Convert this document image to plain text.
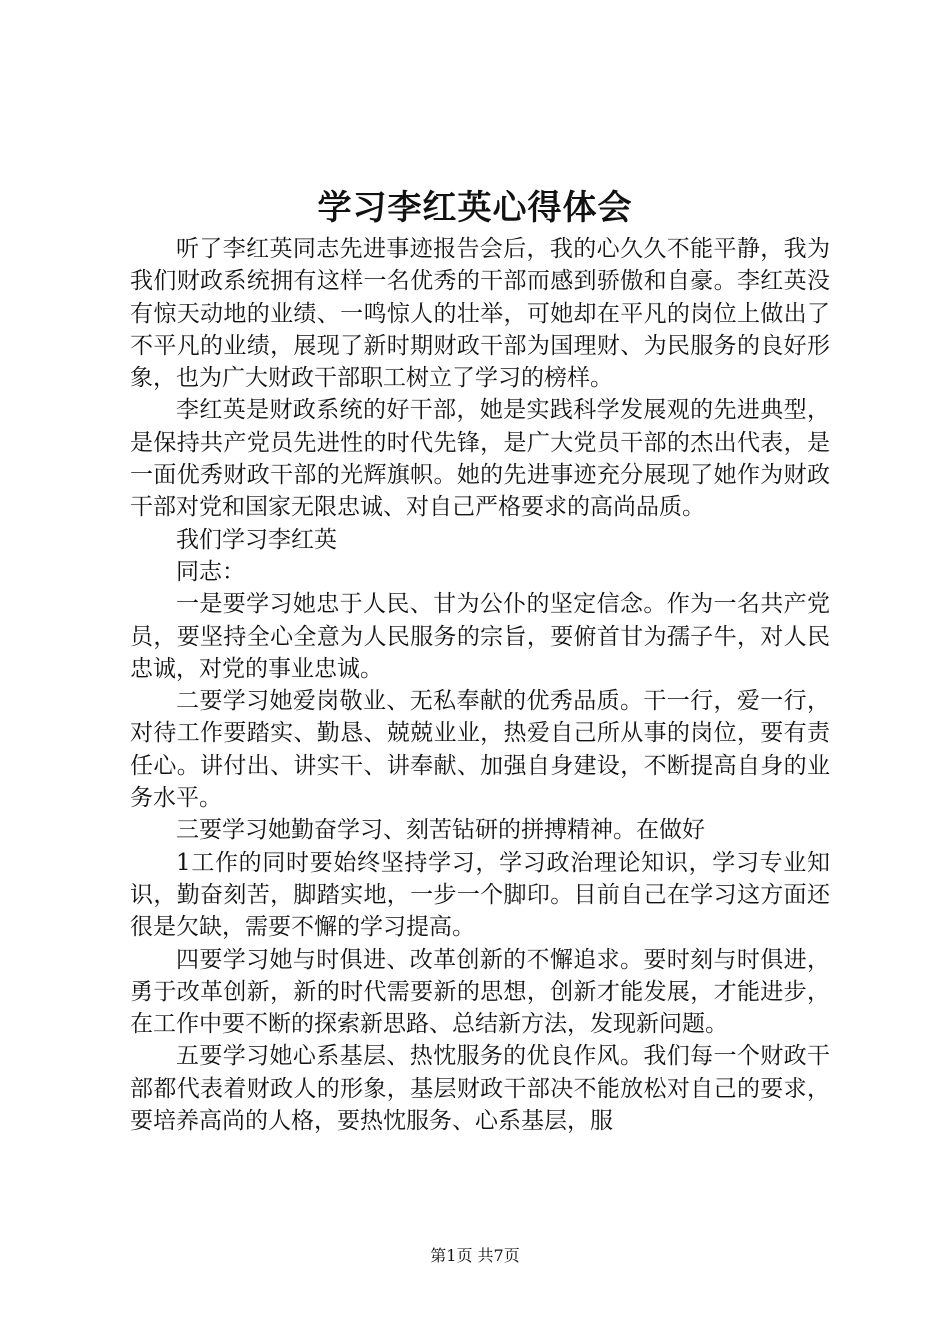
学习李红英心得体会

听了李红英同志先进事迹报告会后，我的心久久不能平静，我为我们财政系统拥有这样一名优秀的干部而感到骄傲和自豪。李红英没有惊天动地的业绩、一鸣惊人的壮举，可她却在平凡的岗位上做出了不平凡的业绩，展现了新时期财政干部为国理财、为民服务的良好形象，也为广大财政干部职工树立了学习的榜样。

李红英是财政系统的好干部，她是实践科学发展观的先进典型，是保持共产党员先进性的时代先锋，是广大党员干部的杰出代表，是一面优秀财政干部的光辉旗帜。她的先进事迹充分展现了她作为财政干部对党和国家无限忠诚、对自己严格要求的高尚品质。

我们学习李红英

同志：

一是要学习她忠于人民、甘为公仆的坚定信念。作为一名共产党员，要坚持全心全意为人民服务的宗旨，要俯首甘为孺子牛，对人民忠诚，对党的事业忠诚。

二要学习她爱岗敬业、无私奉献的优秀品质。干一行，爱一行，对待工作要踏实、勤恳、兢兢业业，热爱自己所从事的岗位，要有责任心。讲付出、讲实干、讲奉献、加强自身建设，不断提高自身的业务水平。

三要学习她勤奋学习、刻苦钻研的拼搏精神。在做好

1工作的同时要始终坚持学习，学习政治理论知识，学习专业知识，勤奋刻苦，脚踏实地，一步一个脚印。目前自己在学习这方面还很是欠缺，需要不懈的学习提高。

四要学习她与时俱进、改革创新的不懈追求。要时刻与时俱进，勇于改革创新，新的时代需要新的思想，创新才能发展，才能进步，在工作中要不断的探索新思路、总结新方法，发现新问题。

五要学习她心系基层、热忱服务的优良作风。我们每一个财政干部都代表着财政人的形象，基层财政干部决不能放松对自己的要求，要培养高尚的人格，要热忱服务、心系基层，服

第1页 共7页
